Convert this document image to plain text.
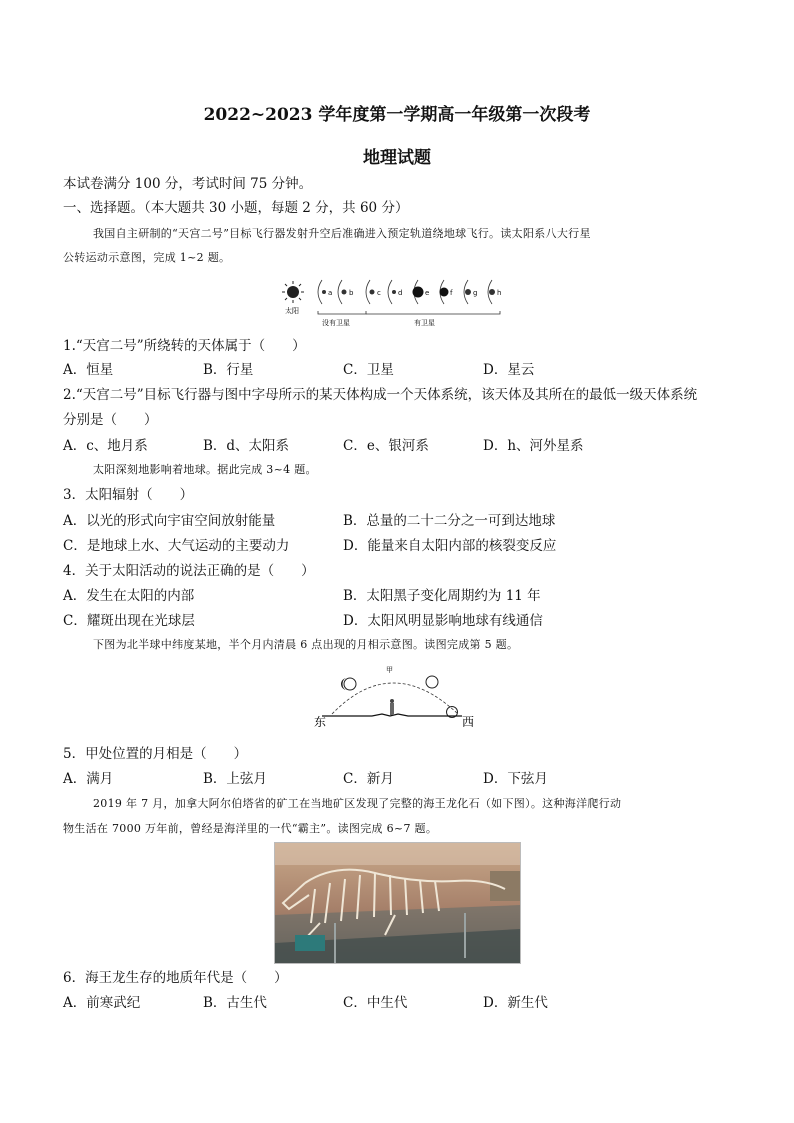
2022~2023 学年度第一学期高一年级第一次段考
地理试题
本试卷满分 100 分，考试时间 75 分钟。
一、选择题。（本大题共 30 小题，每题 2 分，共 60 分）
我国自主研制的“天宫二号”目标飞行器发射升空后准确进入预定轨道绕地球飞行。读太阳系八大行星
公转运动示意图，完成 1~2 题。
太阳
a b	c d	e	f	g	h
没有卫星	有卫星
1.“天宫二号”所绕转的天体属于（　　）
A．恒星	B．行星	C．卫星	D．星云
2.“天宫二号”目标飞行器与图中字母所示的某天体构成一个天体系统，该天体及其所在的最低一级天体系统
分别是（　　）
A．c、地月系	B．d、太阳系	C．e、银河系	D．h、河外星系
太阳深刻地影响着地球。据此完成 3~4 题。
3．太阳辐射（　　）
A．以光的形式向宇宙空间放射能量	B．总量的二十二分之一可到达地球
C．是地球上水、大气运动的主要动力	D．能量来自太阳内部的核裂变反应
4．关于太阳活动的说法正确的是（　　）
A．发生在太阳的内部	B．太阳黑子变化周期约为 11 年
C．耀斑出现在光球层	D．太阳风明显影响地球有线通信
下图为北半球中纬度某地，半个月内清晨 6 点出现的月相示意图。读图完成第 5 题。
甲
东	西
5．甲处位置的月相是（　　）
A．满月	B．上弦月	C．新月	D．下弦月
2019 年 7 月，加拿大阿尔伯塔省的矿工在当地矿区发现了完整的海王龙化石（如下图）。这种海洋爬行动
物生活在 7000 万年前，曾经是海洋里的一代“霸主”。读图完成 6~7 题。
6．海王龙生存的地质年代是（　　）
A．前寒武纪	B．古生代	C．中生代	D．新生代
